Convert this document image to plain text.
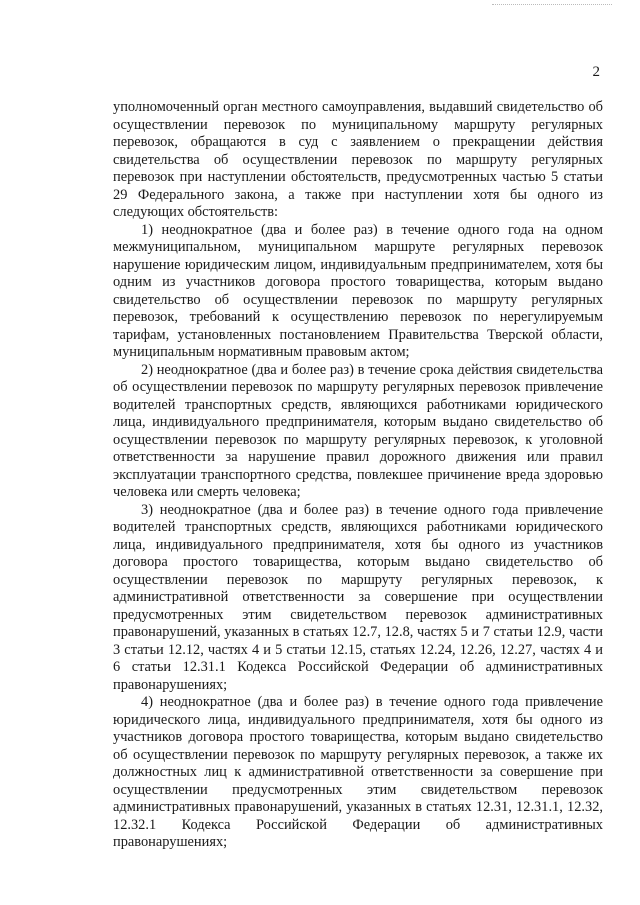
2

уполномоченный орган местного самоуправления, выдавший свидетельство об осуществлении перевозок по муниципальному маршруту регулярных перевозок, обращаются в суд с заявлением о прекращении действия свидетельства об осуществлении перевозок по маршруту регулярных перевозок при наступлении обстоятельств, предусмотренных частью 5 статьи 29 Федерального закона, а также при наступлении хотя бы одного из следующих обстоятельств:

1) неоднократное (два и более раз) в течение одного года на одном межмуниципальном, муниципальном маршруте регулярных перевозок нарушение юридическим лицом, индивидуальным предпринимателем, хотя бы одним из участников договора простого товарищества, которым выдано свидетельство об осуществлении перевозок по маршруту регулярных перевозок, требований к осуществлению перевозок по нерегулируемым тарифам, установленных постановлением Правительства Тверской области, муниципальным нормативным правовым актом;

2) неоднократное (два и более раз) в течение срока действия свидетельства об осуществлении перевозок по маршруту регулярных перевозок привлечение водителей транспортных средств, являющихся работниками юридического лица, индивидуального предпринимателя, которым выдано свидетельство об осуществлении перевозок по маршруту регулярных перевозок, к уголовной ответственности за нарушение правил дорожного движения или правил эксплуатации транспортного средства, повлекшее причинение вреда здоровью человека или смерть человека;

3) неоднократное (два и более раз) в течение одного года привлечение водителей транспортных средств, являющихся работниками юридического лица, индивидуального предпринимателя, хотя бы одного из участников договора простого товарищества, которым выдано свидетельство об осуществлении перевозок по маршруту регулярных перевозок, к административной ответственности за совершение при осуществлении предусмотренных этим свидетельством перевозок административных правонарушений, указанных в статьях 12.7, 12.8, частях 5 и 7 статьи 12.9, части 3 статьи 12.12, частях 4 и 5 статьи 12.15, статьях 12.24, 12.26, 12.27, частях 4 и 6 статьи 12.31.1 Кодекса Российской Федерации об административных правонарушениях;

4) неоднократное (два и более раз) в течение одного года привлечение юридического лица, индивидуального предпринимателя, хотя бы одного из участников договора простого товарищества, которым выдано свидетельство об осуществлении перевозок по маршруту регулярных перевозок, а также их должностных лиц к административной ответственности за совершение при осуществлении предусмотренных этим свидетельством перевозок административных правонарушений, указанных в статьях 12.31, 12.31.1, 12.32, 12.32.1 Кодекса Российской Федерации об административных правонарушениях;
